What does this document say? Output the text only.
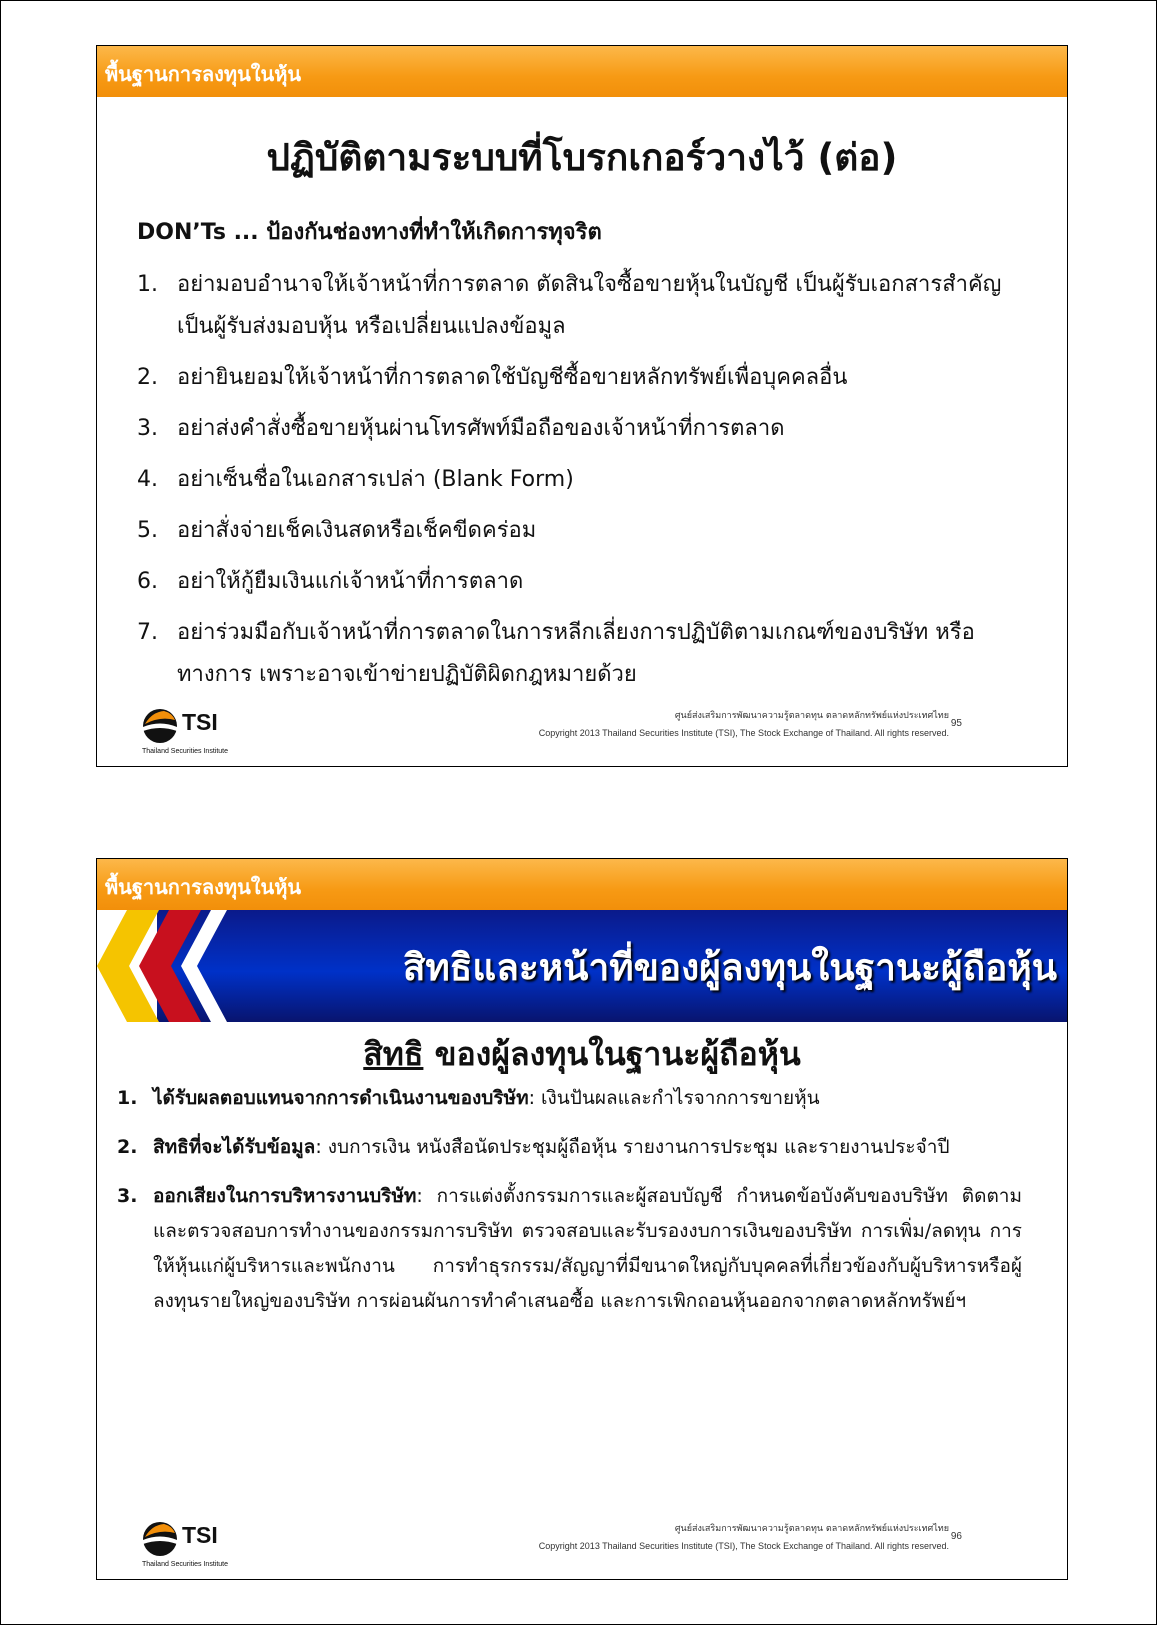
พื้นฐานการลงทุนในหุ้น
ปฏิบัติตามระบบที่โบรกเกอร์วางไว้ (ต่อ)
DON’Ts ... ป้องกันช่องทางที่ทำให้เกิดการทุจริต
1. อย่ามอบอำนาจให้เจ้าหน้าที่การตลาด ตัดสินใจซื้อขายหุ้นในบัญชี เป็นผู้รับเอกสารสำคัญ เป็นผู้รับส่งมอบหุ้น หรือเปลี่ยนแปลงข้อมูล
2. อย่ายินยอมให้เจ้าหน้าที่การตลาดใช้บัญชีซื้อขายหลักทรัพย์เพื่อบุคคลอื่น
3. อย่าส่งคำสั่งซื้อขายหุ้นผ่านโทรศัพท์มือถือของเจ้าหน้าที่การตลาด
4. อย่าเซ็นชื่อในเอกสารเปล่า (Blank Form)
5. อย่าสั่งจ่ายเช็คเงินสดหรือเช็คขีดคร่อม
6. อย่าให้กู้ยืมเงินแก่เจ้าหน้าที่การตลาด
7. อย่าร่วมมือกับเจ้าหน้าที่การตลาดในการหลีกเลี่ยงการปฏิบัติตามเกณฑ์ของบริษัท หรือทางการ เพราะอาจเข้าข่ายปฏิบัติผิดกฎหมายด้วย
TSI
Thailand Securities Institute
ศูนย์ส่งเสริมการพัฒนาความรู้ตลาดทุน ตลาดหลักทรัพย์แห่งประเทศไทย
Copyright 2013 Thailand Securities Institute (TSI), The Stock Exchange of Thailand. All rights reserved.
95
พื้นฐานการลงทุนในหุ้น
สิทธิและหน้าที่ของผู้ลงทุนในฐานะผู้ถือหุ้น
สิทธิ ของผู้ลงทุนในฐานะผู้ถือหุ้น
1. ได้รับผลตอบแทนจากการดำเนินงานของบริษัท: เงินปันผลและกำไรจากการขายหุ้น
2. สิทธิที่จะได้รับข้อมูล: งบการเงิน หนังสือนัดประชุมผู้ถือหุ้น รายงานการประชุม และรายงานประจำปี
3. ออกเสียงในการบริหารงานบริษัท: การแต่งตั้งกรรมการและผู้สอบบัญชี กำหนดข้อบังคับของบริษัท ติดตามและตรวจสอบการทำงานของกรรมการบริษัท ตรวจสอบและรับรองงบการเงินของบริษัท การเพิ่ม/ลดทุน การให้หุ้นแก่ผู้บริหารและพนักงาน การทำธุรกรรม/สัญญาที่มีขนาดใหญ่กับบุคคลที่เกี่ยวข้องกับผู้บริหารหรือผู้ลงทุนรายใหญ่ของบริษัท การผ่อนผันการทำคำเสนอซื้อ และการเพิกถอนหุ้นออกจากตลาดหลักทรัพย์ฯ
TSI
Thailand Securities Institute
ศูนย์ส่งเสริมการพัฒนาความรู้ตลาดทุน ตลาดหลักทรัพย์แห่งประเทศไทย
Copyright 2013 Thailand Securities Institute (TSI), The Stock Exchange of Thailand. All rights reserved.
96
